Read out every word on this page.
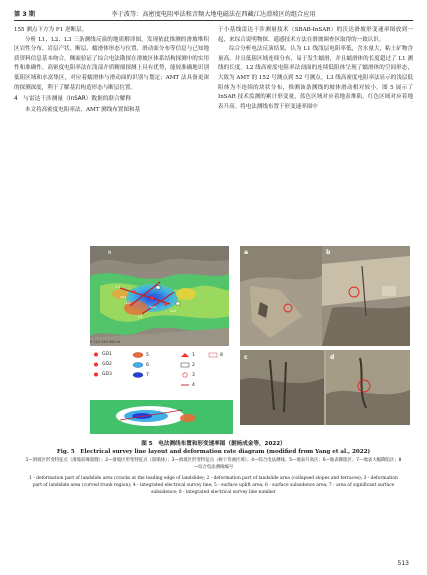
第 3 期	李于波等：高密度电阻率法和音频大地电磁法在西藏江达滑坡区的组合应用

155 测点下方为 F1 逆断层。

分析 L1、L2、L3 三条测线反演的地质解译图，发现依此推测的滑坡堆积区岩性分布、岩层产状、断层、蠕滑体形态与位置、滑动面分布等信息与已知地质资料信息基本吻合，侧面验证了综合电法勘探在滑坡区体系结构探测中的实用性和准确性。高密度电阻率法在浅部介质精细探测上具有优势，能较准确地识别低阻区域和水富集区，对应着蠕滑体与滑动面的识别与划定；AMT 法具备更深的探测深度，利于了解基岩构造形态与断层位置。

4　与雷达干涉测量（InSAR）数据的联合解释

本文将高密度电阻率法、AMT 测线布置图和基

于小基线雷达干涉测量技术（SBAB-InSAR）的沃达滑坡形变速率图放到一起，来综合说明物探、遥感技术方法在滑坡调查区取得的一致认识。

综合分析电法反演结果，认为 L1 线浅层电阻率低，含水量大，粘土矿物含量高，并且低阻区域连续分布，易于发生蠕滑，并且蠕滑体的长度超过了 L1 测线的长度。L2 线高密度电阻率法剖面的连续低阻体呈现了蠕滑体的空间形态，大致为 AMT 的 152 号测点到 52 号测点。L3 线高密度电阻率法显示的浅层低阻体为不连续的块状分布，推测该条测线的坡体滑动相对较小。图 5 展示了 InSAR 技术监测的累计形变量，蓝色区域对应着地表堆陷，红色区域对应着地表升高。将电法测线布置于形变速率图中

N
L1
L2
L3
G01
G02
G03
0 125 250 500 m
a	b
c	d
GD1
GD2
GD3
5
6
7
1
2
3
4
8
图 5　电法测线布置和形变速率图（据杨成金等，2022）
Fig. 5　Electrical survey line layout and deformation rate diagram (modified from Yang et al., 2022)
1—滑坡区形变特征点（滑坡前缘裂缝）；2—滑坡区形变特征点（崩塌体）；3—滑坡区形变特征点（树干弯曲区域）；4—综合电法测线；5—地表升高区；6—地表降陷区；7—地表大幅降陷区；8—综合电法测线编号
1 - deformation part of landslide area (cracks at the leading edge of landslide); 2 - deformation part of landslide area (collapsed slopes and terraces); 3 - deformation part of landslide area (curved trunk region); 4 - integrated electrical survey line; 5 - surface uplift area; 6 - surface subsidence area; 7 - area of significant surface subsidence; 8 - integrated electrical survey line number
513
